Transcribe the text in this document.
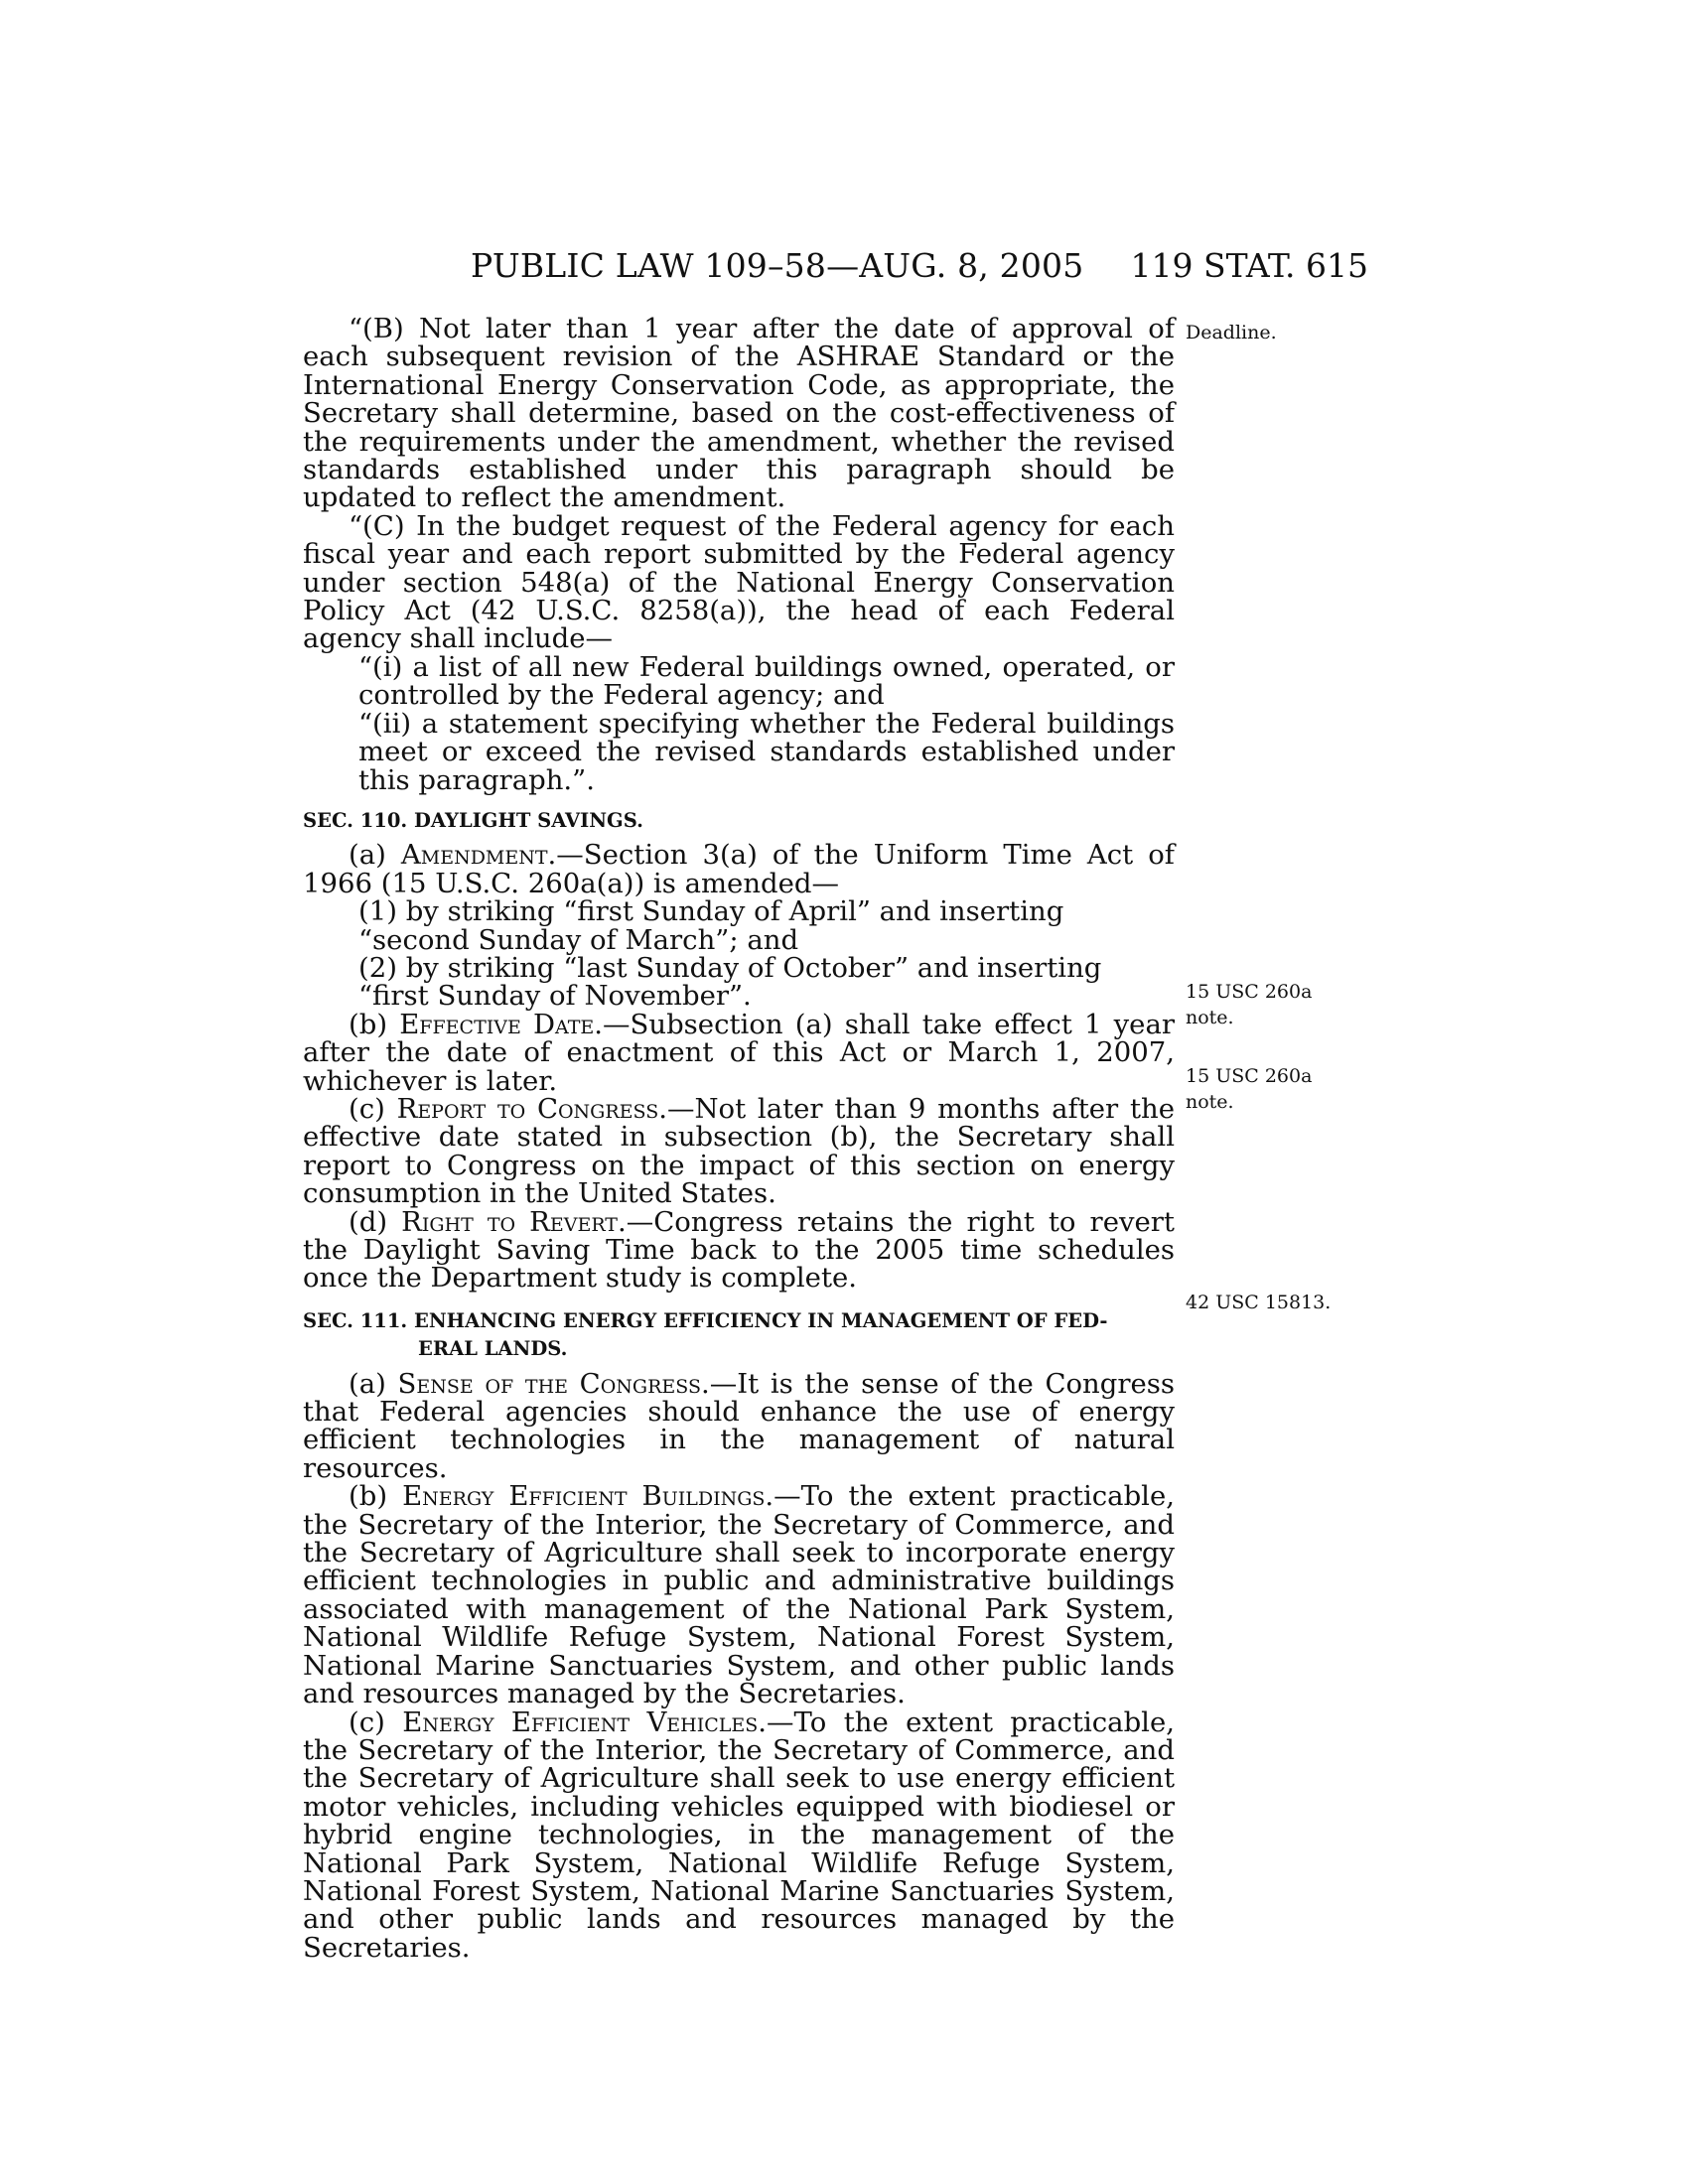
PUBLIC LAW 109–58—AUG. 8, 2005 119 STAT. 615
Deadline.
15 USC 260a note.
15 USC 260a note.
42 USC 15813.

“(B) Not later than 1 year after the date of approval of each subsequent revision of the ASHRAE Standard or the International Energy Conservation Code, as appropriate, the Secretary shall determine, based on the cost-effectiveness of the requirements under the amendment, whether the revised standards established under this paragraph should be updated to reflect the amendment.

“(C) In the budget request of the Federal agency for each fiscal year and each report submitted by the Federal agency under section 548(a) of the National Energy Conservation Policy Act (42 U.S.C. 8258(a)), the head of each Federal agency shall include—

“(i) a list of all new Federal buildings owned, operated, or controlled by the Federal agency; and

“(ii) a statement specifying whether the Federal buildings meet or exceed the revised standards established under this paragraph.”.

SEC. 110. DAYLIGHT SAVINGS.

(a) Amendment.—Section 3(a) of the Uniform Time Act of 1966 (15 U.S.C. 260a(a)) is amended—

(1) by striking “first Sunday of April” and inserting “second Sunday of March”; and

(2) by striking “last Sunday of October” and inserting “first Sunday of November”.

(b) Effective Date.—Subsection (a) shall take effect 1 year after the date of enactment of this Act or March 1, 2007, whichever is later.

(c) Report to Congress.—Not later than 9 months after the effective date stated in subsection (b), the Secretary shall report to Congress on the impact of this section on energy consumption in the United States.

(d) Right to Revert.—Congress retains the right to revert the Daylight Saving Time back to the 2005 time schedules once the Department study is complete.

SEC. 111. ENHANCING ENERGY EFFICIENCY IN MANAGEMENT OF FED-
ERAL LANDS.

(a) Sense of the Congress.—It is the sense of the Congress that Federal agencies should enhance the use of energy efficient technologies in the management of natural resources.

(b) Energy Efficient Buildings.—To the extent practicable, the Secretary of the Interior, the Secretary of Commerce, and the Secretary of Agriculture shall seek to incorporate energy efficient technologies in public and administrative buildings associated with management of the National Park System, National Wildlife Refuge System, National Forest System, National Marine Sanctuaries System, and other public lands and resources managed by the Secretaries.

(c) Energy Efficient Vehicles.—To the extent practicable, the Secretary of the Interior, the Secretary of Commerce, and the Secretary of Agriculture shall seek to use energy efficient motor vehicles, including vehicles equipped with biodiesel or hybrid engine technologies, in the management of the National Park System, National Wildlife Refuge System, National Forest System, National Marine Sanctuaries System, and other public lands and resources managed by the Secretaries.
